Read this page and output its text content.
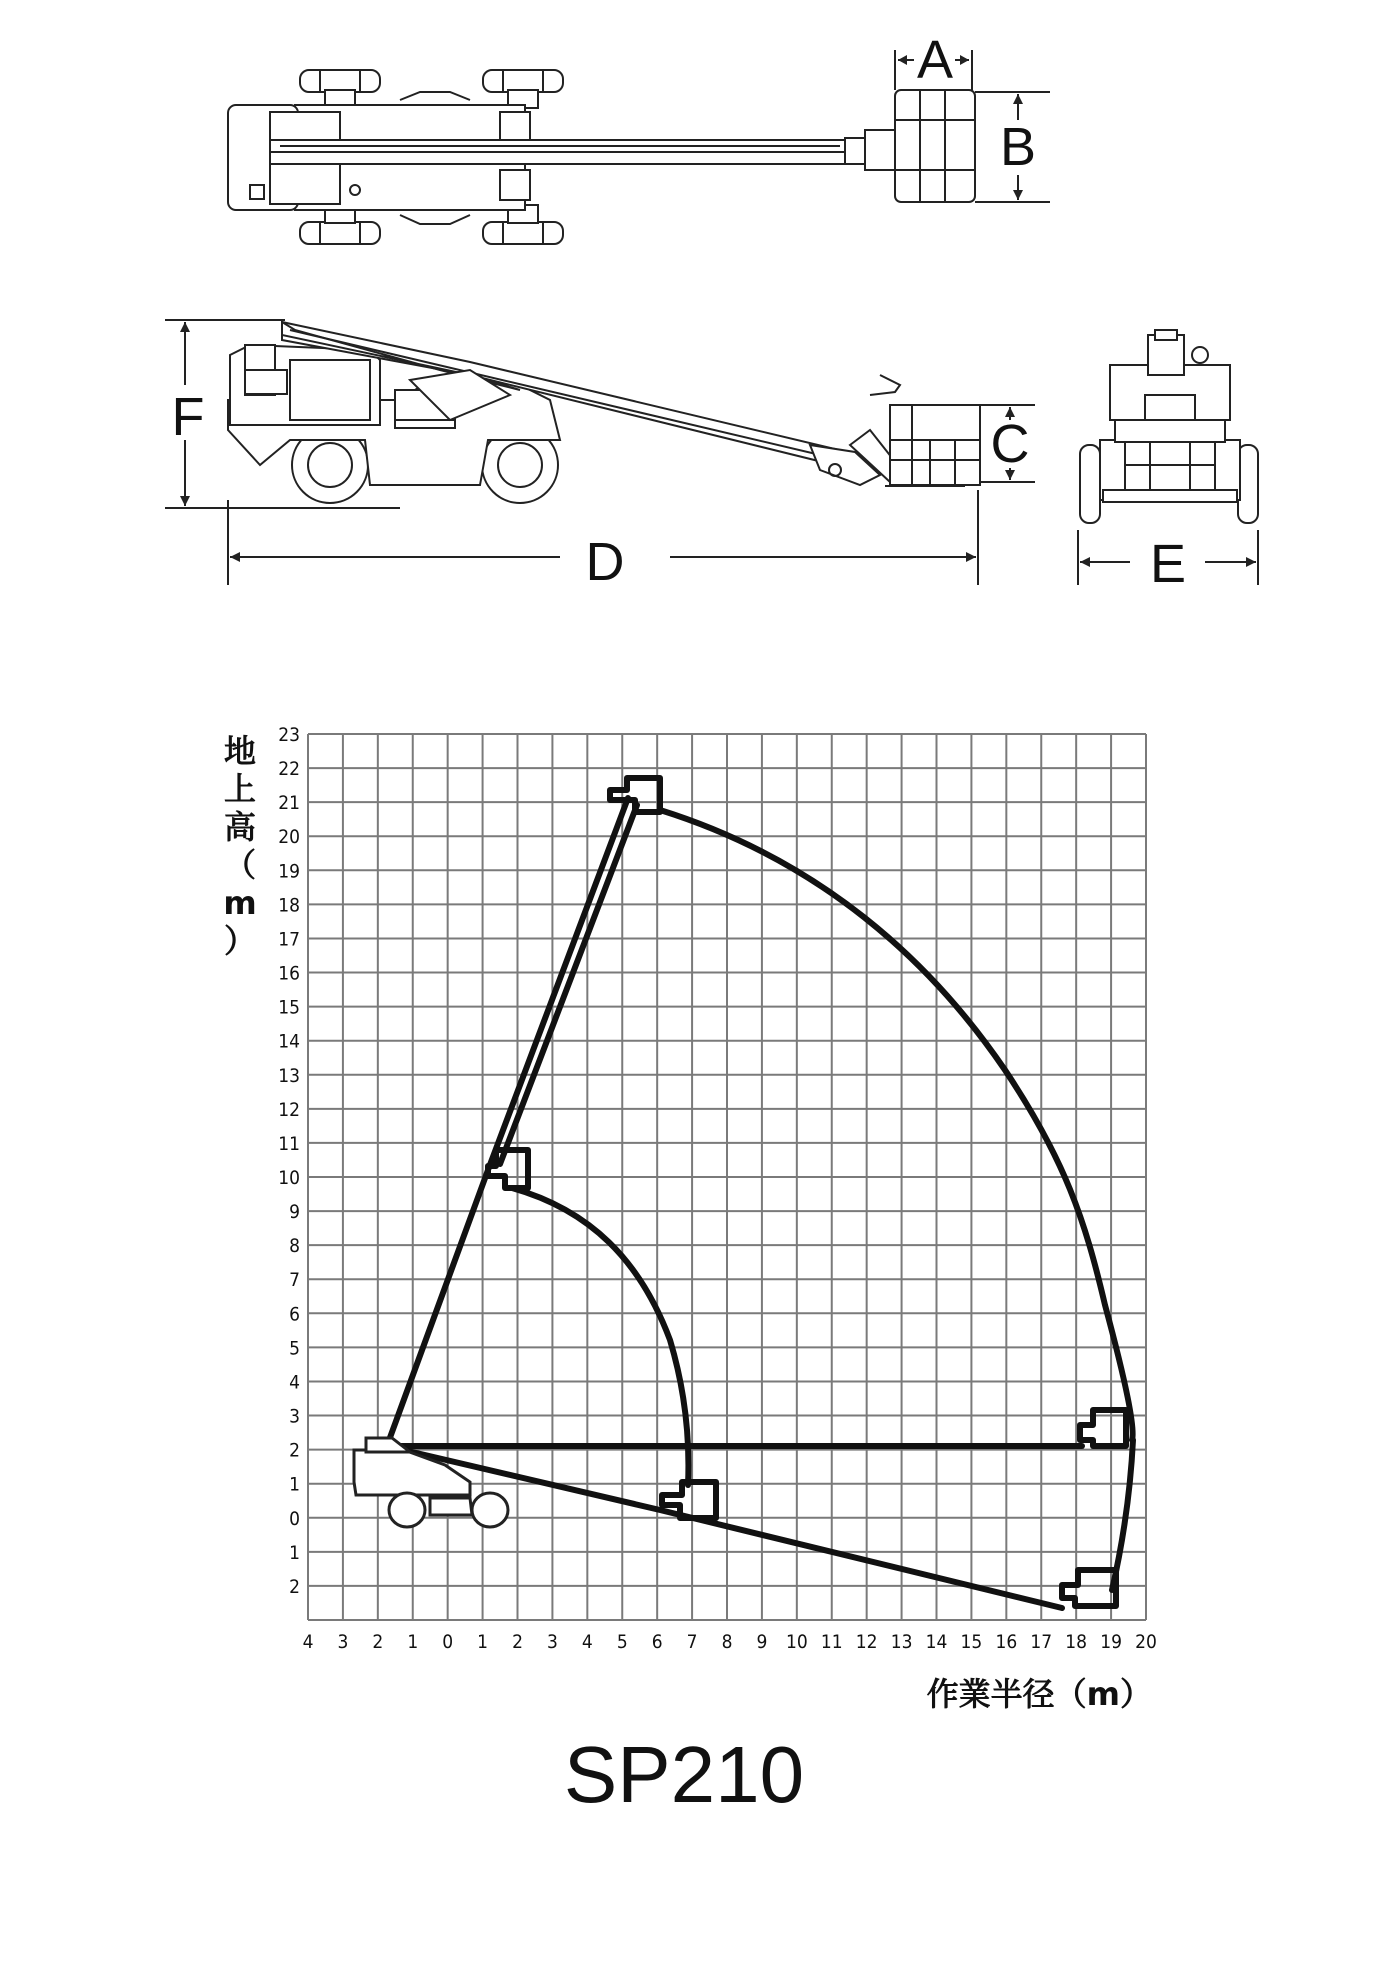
A
B
F	C
D	E
23
22
21
20
19
18
17
16
15
14
13
12
11
10
9
8
7
6
5
4
3
2
1
0
1
2
4 3 2 1 0 1 2 3 4 5 6 7 8 9 10 11 12 13 14 15 16 17 18 19 20
地
上
高
（
m
）
作業半径（m）
SP210
